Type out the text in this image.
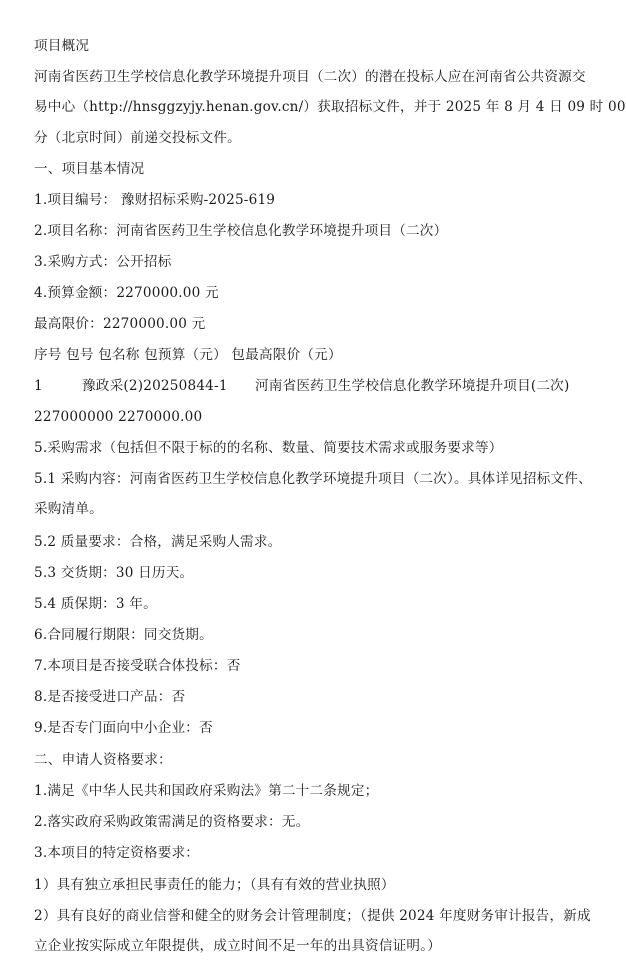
项目概况
河南省医药卫生学校信息化教学环境提升项目（二次）的潜在投标人应在河南省公共资源交
易中心（http://hnsggzyjy.henan.gov.cn/）获取招标文件，并于 2025 年 8 月 4 日 09 时 00
分（北京时间）前递交投标文件。
一、项目基本情况
1.项目编号： 豫财招标采购-2025-619
2.项目名称：河南省医药卫生学校信息化教学环境提升项目（二次）
3.采购方式：公开招标
4.预算金额：2270000.00 元
最高限价：2270000.00 元
序号 包号 包名称 包预算（元） 包最高限价（元）
1	豫政采(2)20250844-1 河南省医药卫生学校信息化教学环境提升项目(二次)
227000000 2270000.00
5.采购需求（包括但不限于标的的名称、数量、简要技术需求或服务要求等）
5.1 采购内容：河南省医药卫生学校信息化教学环境提升项目（二次）。具体详见招标文件、
采购清单。
5.2 质量要求：合格，满足采购人需求。
5.3 交货期：30 日历天。
5.4 质保期：3 年。
6.合同履行期限：同交货期。
7.本项目是否接受联合体投标：否
8.是否接受进口产品：否
9.是否专门面向中小企业：否
二、申请人资格要求：
1.满足《中华人民共和国政府采购法》第二十二条规定；
2.落实政府采购政策需满足的资格要求：无。
3.本项目的特定资格要求：
1）具有独立承担民事责任的能力；（具有有效的营业执照）
2）具有良好的商业信誉和健全的财务会计管理制度；（提供 2024 年度财务审计报告，新成
立企业按实际成立年限提供，成立时间不足一年的出具资信证明。）
